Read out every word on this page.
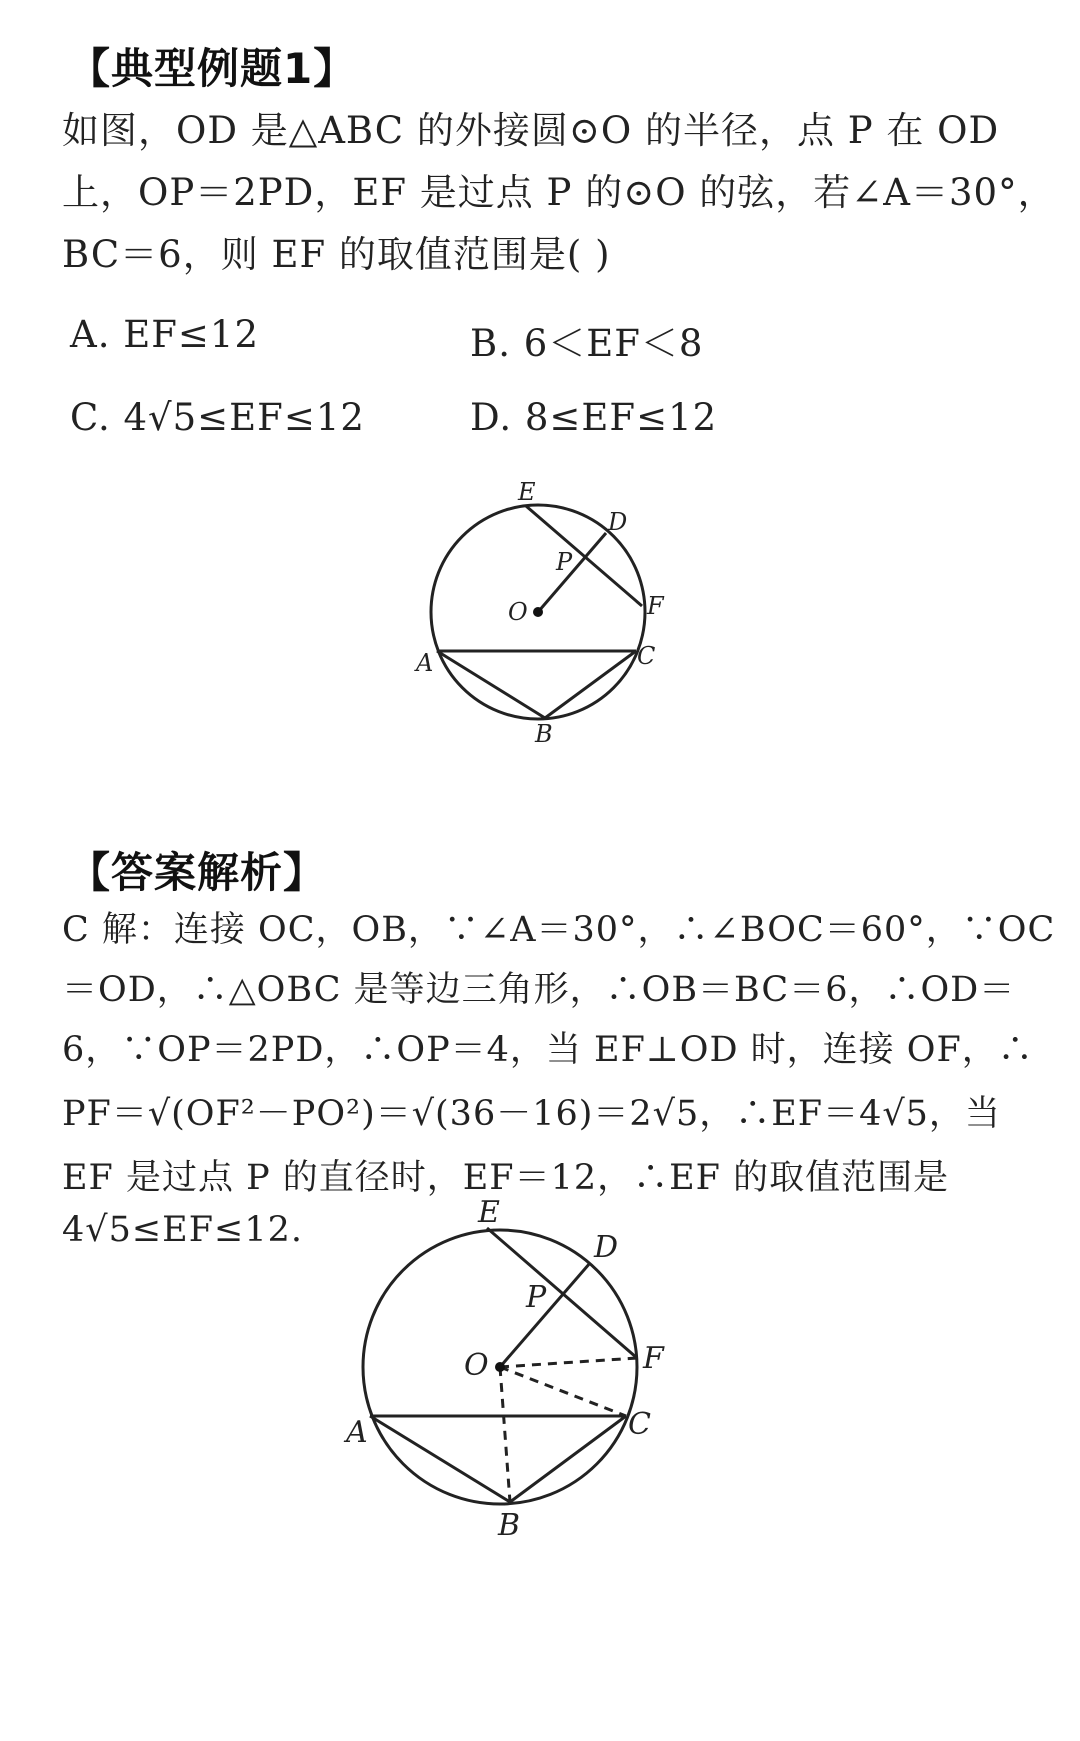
【典型例题1】
如图，OD 是△ABC 的外接圆⊙O 的半径，点 P 在 OD
上，OP＝2PD，EF 是过点 P 的⊙O 的弦，若∠A＝30°，
BC＝6，则 EF 的取值范围是( )
A. EF≤12	B. 6＜EF＜8
C. 4√5≤EF≤12	D. 8≤EF≤12
E
D
P
O	F
A	C
B
【答案解析】
C 解：连接 OC，OB，∵∠A＝30°，∴∠BOC＝60°，∵OC
＝OD，∴△OBC 是等边三角形，∴OB＝BC＝6，∴OD＝
6，∵OP＝2PD，∴OP＝4，当 EF⊥OD 时，连接 OF，∴
PF＝√(OF²－PO²)＝√(36－16)＝2√5，∴EF＝4√5，当
EF 是过点 P 的直径时，EF＝12，∴EF 的取值范围是
4√5≤EF≤12.	E
D
P
O	F
A	C
B
